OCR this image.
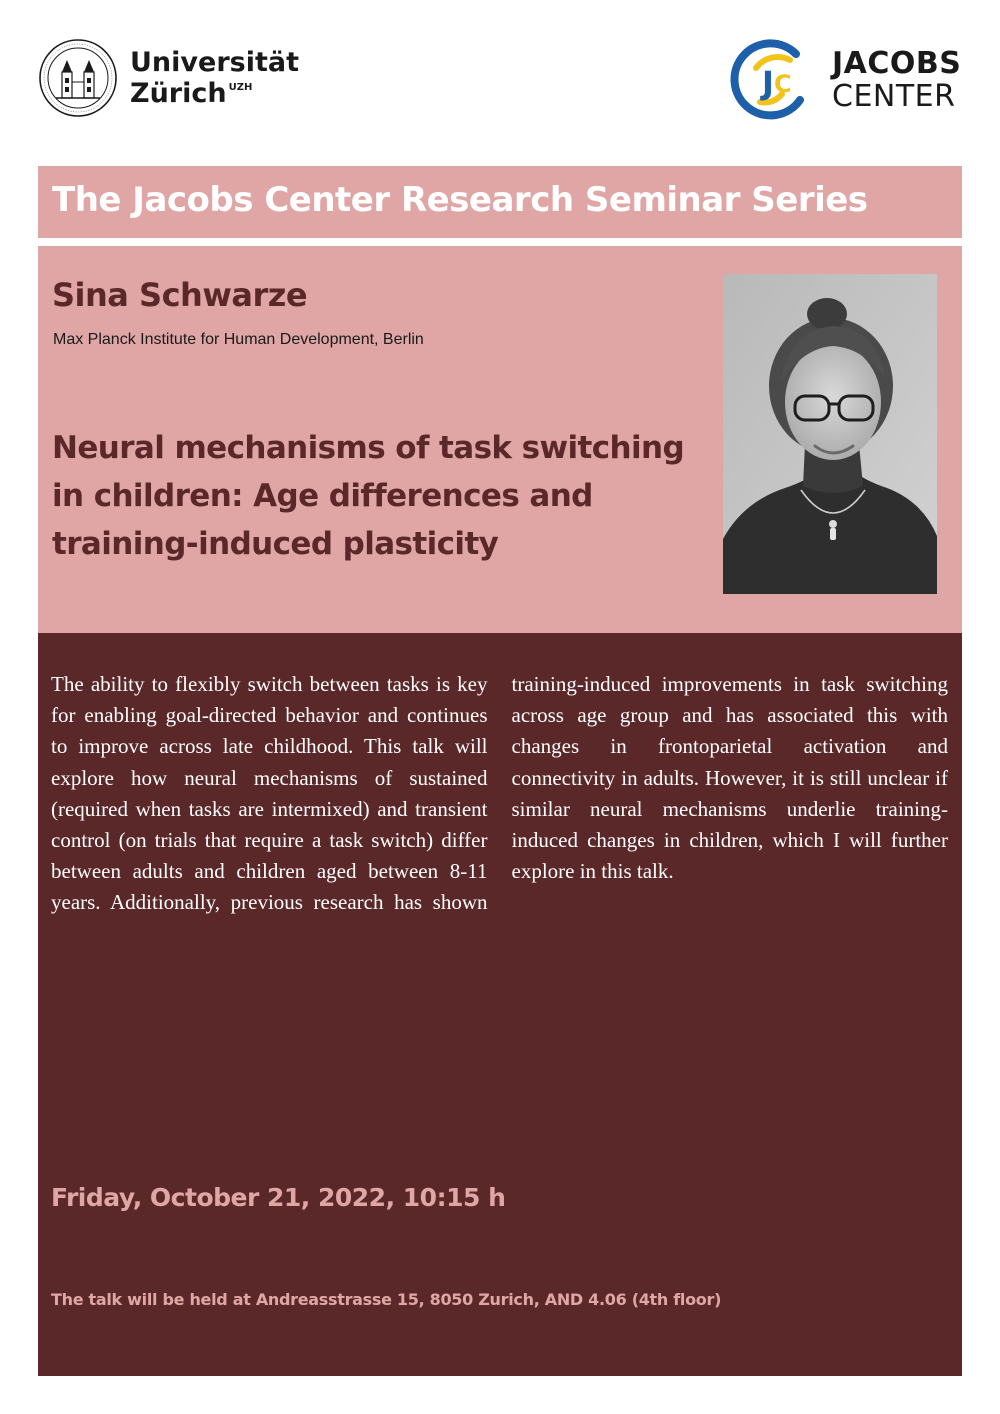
Universität
Zürich $^{UZH}$	J C
JACOBS
CENTER
The Jacobs Center Research Seminar Series
Sina Schwarze

Max Planck Institute for Human Development, Berlin

Neural mechanisms of task switching in children: Age differences and training-induced plasticity

The ability to flexibly switch between tasks is key for enabling goal-directed behavior and continues to improve across late childhood. This talk will explore how neural mechanisms of sustained (required when tasks are intermixed) and transient control (on trials that require a task switch) differ between adults and children aged between 8-11 years. Additionally, previous research has shown training-induced improvements in task switching across age group and has associated this with changes in frontoparietal activation and connectivity in adults. However, it is still unclear if similar neural mechanisms underlie training-induced changes in children, which I will further explore in this talk.

Friday, October 21, 2022, 10:15 h

The talk will be held at Andreasstrasse 15, 8050 Zurich, AND 4.06 (4th floor)
